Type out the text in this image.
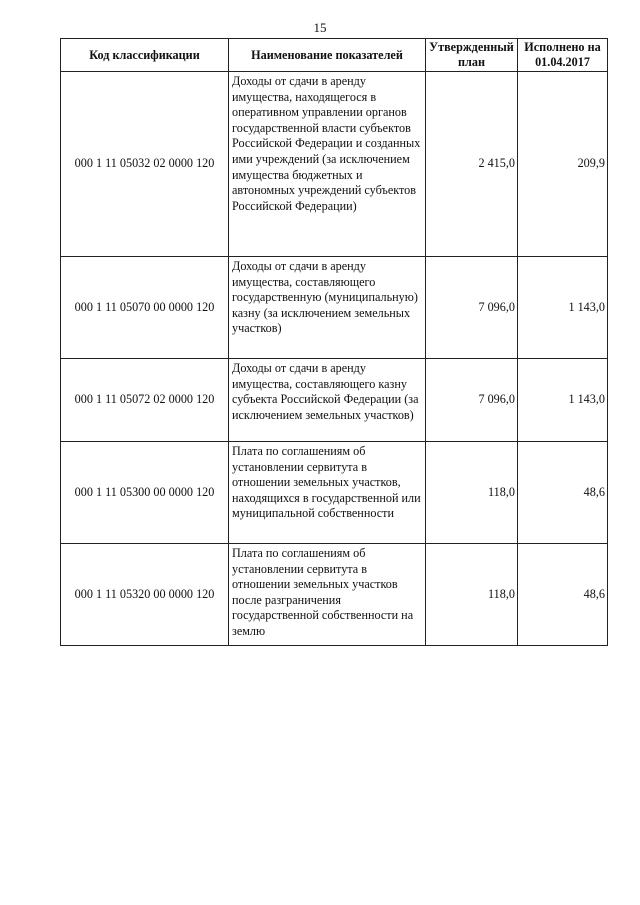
15
Код классификации	Наименование показателей	Утвержденный план	Исполнено на 01.04.2017
000 1 11 05032 02 0000 120	Доходы от сдачи в аренду имущества, находящегося в оперативном управлении органов государственной власти субъектов Российской Федерации и созданных ими учреждений (за исключением имущества бюджетных и автономных учреждений субъектов Российской Федерации)	2 415,0	209,9
000 1 11 05070 00 0000 120	Доходы от сдачи в аренду имущества, составляющего государственную (муниципальную) казну (за исключением земельных участков)	7 096,0	1 143,0
000 1 11 05072 02 0000 120	Доходы от сдачи в аренду имущества, составляющего казну субъекта Российской Федерации (за исключением земельных участков)	7 096,0	1 143,0
000 1 11 05300 00 0000 120	Плата по соглашениям об установлении сервитута в отношении земельных участков, находящихся в государственной или муниципальной собственности	118,0	48,6
000 1 11 05320 00 0000 120	Плата по соглашениям об установлении сервитута в отношении земельных участков после разграничения государственной собственности на землю	118,0	48,6
